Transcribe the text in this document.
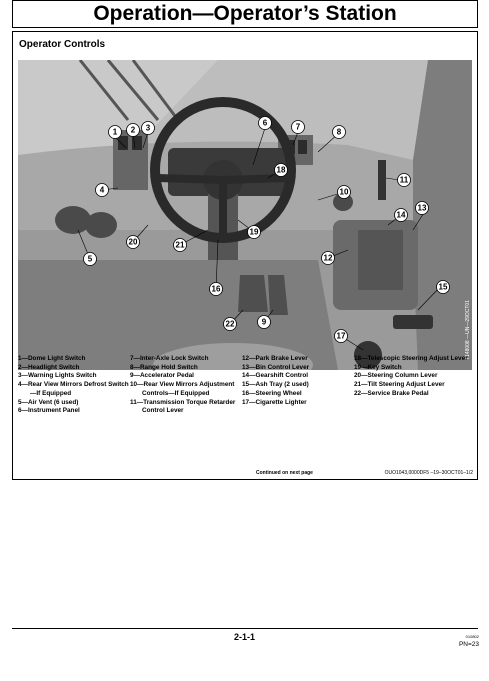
Operation—Operator’s Station
Operator Controls
1 2 3
4
5
6	7
8
9
10
11
12
13
14
15
16
17
18
19
20	21
22	T148008 —UN—29OCT01
1—Dome Light Switch
2—Headlight Switch
3—Warning Lights Switch
4—Rear View Mirrors Defrost Switch—If Equipped
5—Air Vent (6 used)
6—Instrument Panel
7—Inter-Axle Lock Switch
8—Range Hold Switch
9—Accelerator Pedal
10—Rear View Mirrors Adjustment Controls—If Equipped
11—Transmission Torque Retarder Control Lever
12—Park Brake Lever
13—Bin Control Lever
14—Gearshift Control
15—Ash Tray (2 used)
16—Steering Wheel
17—Cigarette Lighter
18—Telescopic Steering Adjust Lever
19—Key Switch
20—Steering Column Lever
21—Tilt Steering Adjust Lever
22—Service Brake Pedal
Continued on next page	OUO1043,0000DF5 –19–30OCT01–1/2
2-1-1	010802
PN=23
